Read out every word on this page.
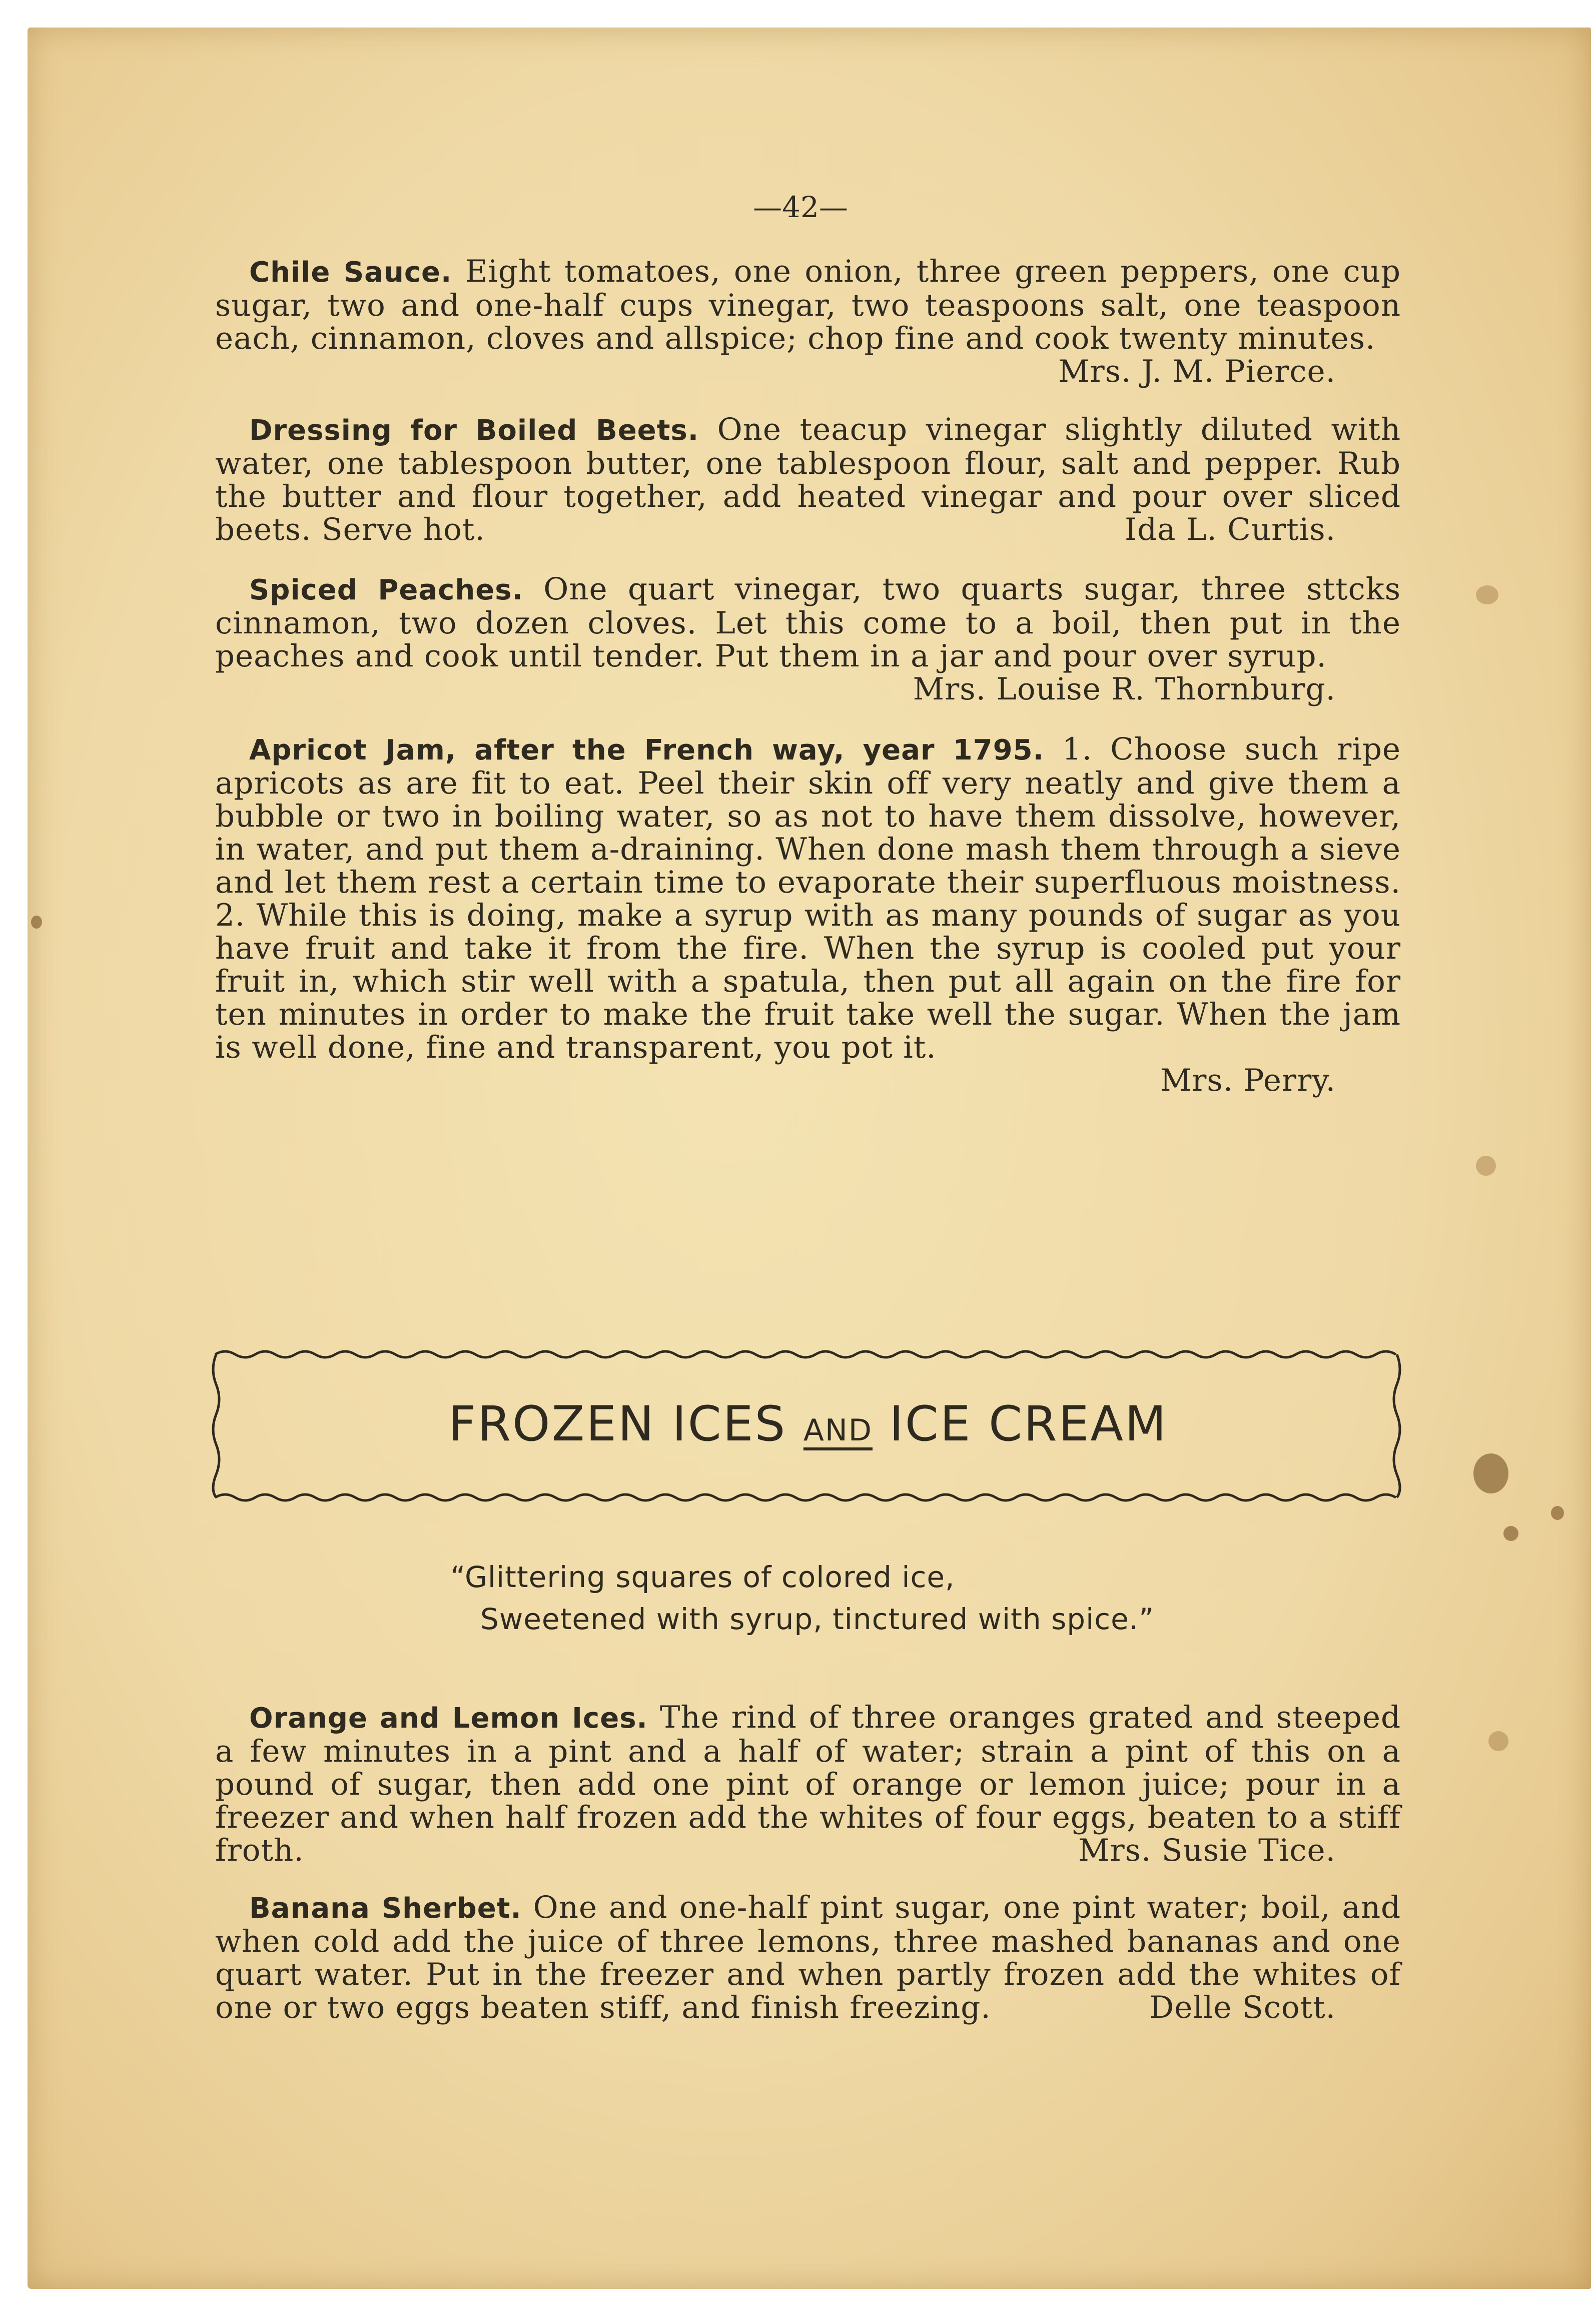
—42—

Chile Sauce. Eight tomatoes, one onion, three green peppers, one cup sugar, two and one-half cups vinegar, two teaspoons salt, one teaspoon each, cinnamon, cloves and allspice; chop fine and cook twenty minutes.
Mrs. J. M. Pierce.

Dressing for Boiled Beets. One teacup vinegar slightly diluted with water, one tablespoon butter, one tablespoon flour, salt and pepper. Rub the butter and flour together, add heated vinegar and pour over sliced beets. Serve hot.	Ida L. Curtis.

Spiced Peaches. One quart vinegar, two quarts sugar, three sttcks cinnamon, two dozen cloves. Let this come to a boil, then put in the peaches and cook until tender. Put them in a jar and pour over syrup.
Mrs. Louise R. Thornburg.

Apricot Jam, after the French way, year 1795. 1. Choose such ripe apricots as are fit to eat. Peel their skin off very neatly and give them a bubble or two in boiling water, so as not to have them dissolve, however, in water, and put them a-draining. When done mash them through a sieve and let them rest a certain time to evaporate their superfluous moistness. 2. While this is doing, make a syrup with as many pounds of sugar as you have fruit and take it from the fire. When the syrup is cooled put your fruit in, which stir well with a spatula, then put all again on the fire for ten minutes in order to make the fruit take well the sugar. When the jam is well done, fine and transparent, you pot it.

Mrs. Perry.
FROZEN ICES AND ICE CREAM
“Glittering squares of colored ice,
Sweetened with syrup, tinctured with spice.”

Orange and Lemon Ices. The rind of three oranges grated and steeped a few minutes in a pint and a half of water; strain a pint of this on a pound of sugar, then add one pint of orange or lemon juice; pour in a freezer and when half frozen add the whites of four eggs, beaten to a stiff froth.	Mrs. Susie Tice.

Banana Sherbet. One and one-half pint sugar, one pint water; boil, and when cold add the juice of three lemons, three mashed bananas and one quart water. Put in the freezer and when partly frozen add the whites of one or two eggs beaten stiff, and finish freezing.	Delle Scott.
